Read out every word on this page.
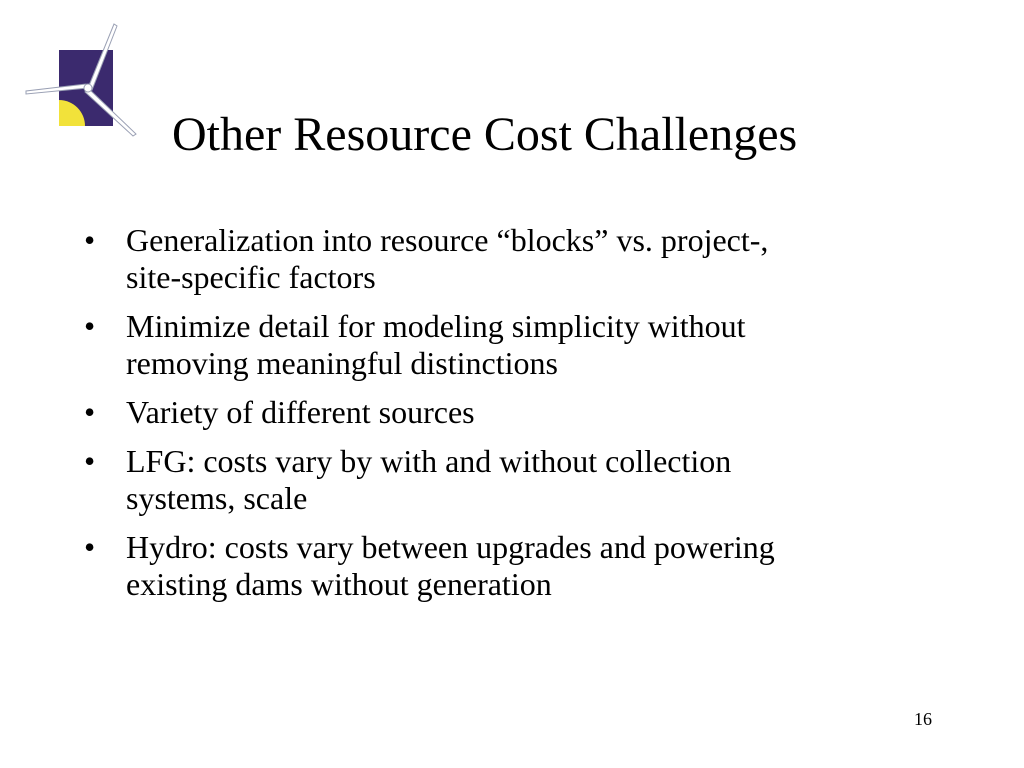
Other Resource Cost Challenges
• Generalization into resource “blocks” vs. project-,
site-specific factors
• Minimize detail for modeling simplicity without
removing meaningful distinctions
• Variety of different sources
• LFG: costs vary by with and without collection
systems, scale
• Hydro: costs vary between upgrades and powering
existing dams without generation
16
